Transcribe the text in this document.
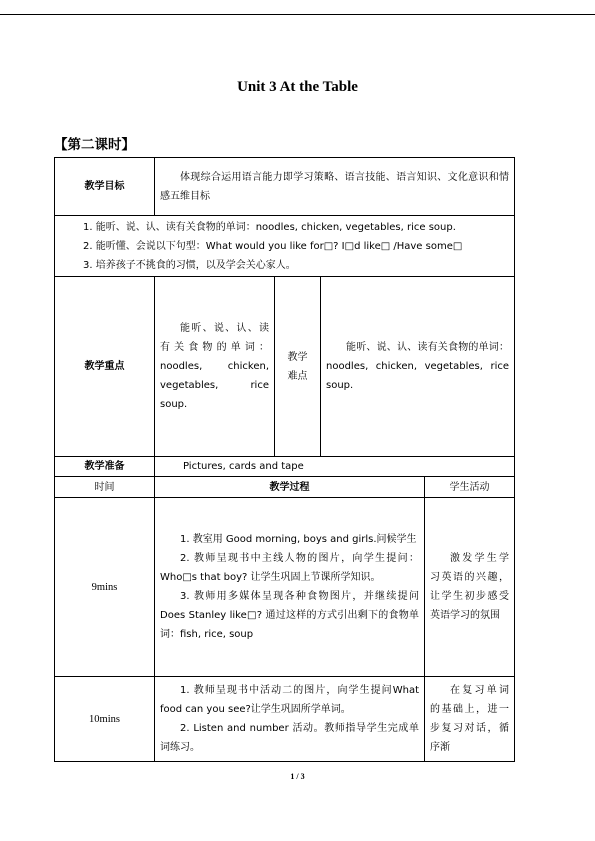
Unit 3 At the Table
【第二课时】
教学目标	体现综合运用语言能力即学习策略、语言技能、语言知识、文化意识和情感五维目标			

1. 能听、说、认、读有关食物的单词：noodles, chicken, vegetables, rice soup.

2. 能听懂、会说以下句型：What would you like for□? I□d like□ /Have some□

3. 培养孩子不挑食的习惯，以及学会关心家人。				

教学重点	能听、说、认、读有关食物的单词：noodles, chicken, vegetables, rice soup.	教学难点	能听、说、认、读有关食物的单词：noodles, chicken, vegetables, rice soup.	
教学准备	Pictures, cards and tape			
时间	教学过程			学生活动
9mins	1. 教室用 Good morning, boys and girls.问候学生

2. 教师呈现书中主线人物的图片，向学生提问：Who□s that boy? 让学生巩固上节课所学知识。

3. 教师用多媒体呈现各种食物图片，并继续提问 Does Stanley like□? 通过这样的方式引出剩下的食物单词：fish, rice, soup			激发学生学习英语的兴趣，让学生初步感受英语学习的氛围
10mins	1. 教师呈现书中活动二的图片，向学生提问What food can you see?让学生巩固所学单词。

2. Listen and number 活动。教师指导学生完成单词练习。			在复习单词的基础上，进一步复习对话，循序渐
1 / 3
